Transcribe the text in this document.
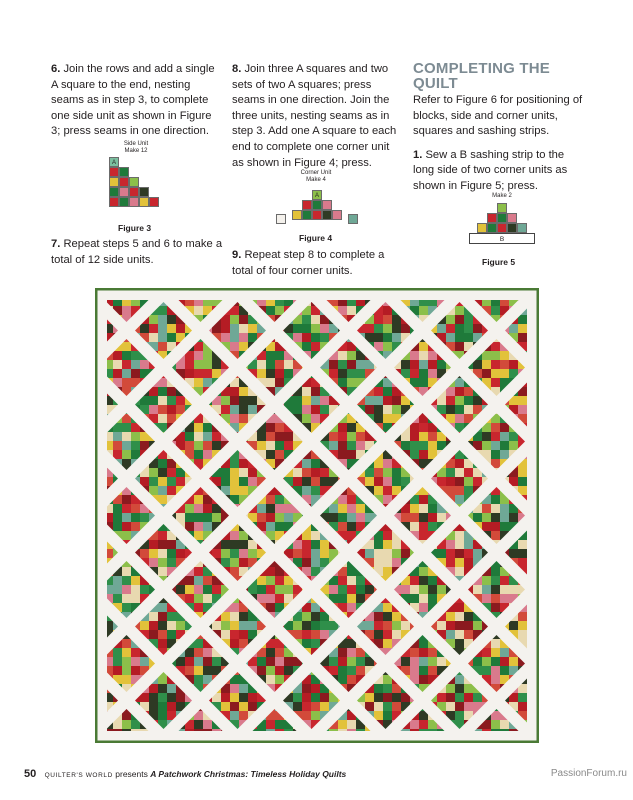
6. Join the rows and add a single A square to the end, nesting seams as in step 3, to complete one side unit as shown in Figure 3; press seams in one direction.

Side Unit
Make 12
A
Figure 3

7. Repeat steps 5 and 6 to make a total of 12 side units.

8. Join three A squares and two sets of two A squares; press seams in one direction. Join the three units, nesting seams as in step 3. Add one A square to each end to complete one corner unit as shown in Figure 4; press.

Corner Unit
Make 4
A
Figure 4

9. Repeat step 8 to complete a total of four corner units.

COMPLETING THE QUILT

Refer to Figure 6 for positioning of blocks, side and corner units, squares and sashing strips.

1. Sew a B sashing strip to the long side of two corner units as shown in Figure 5; press.

Make 2
B
Figure 5
50 QUILTER'S WORLD presents A Patchwork Christmas: Timeless Holiday Quilts	PassionForum.ru
